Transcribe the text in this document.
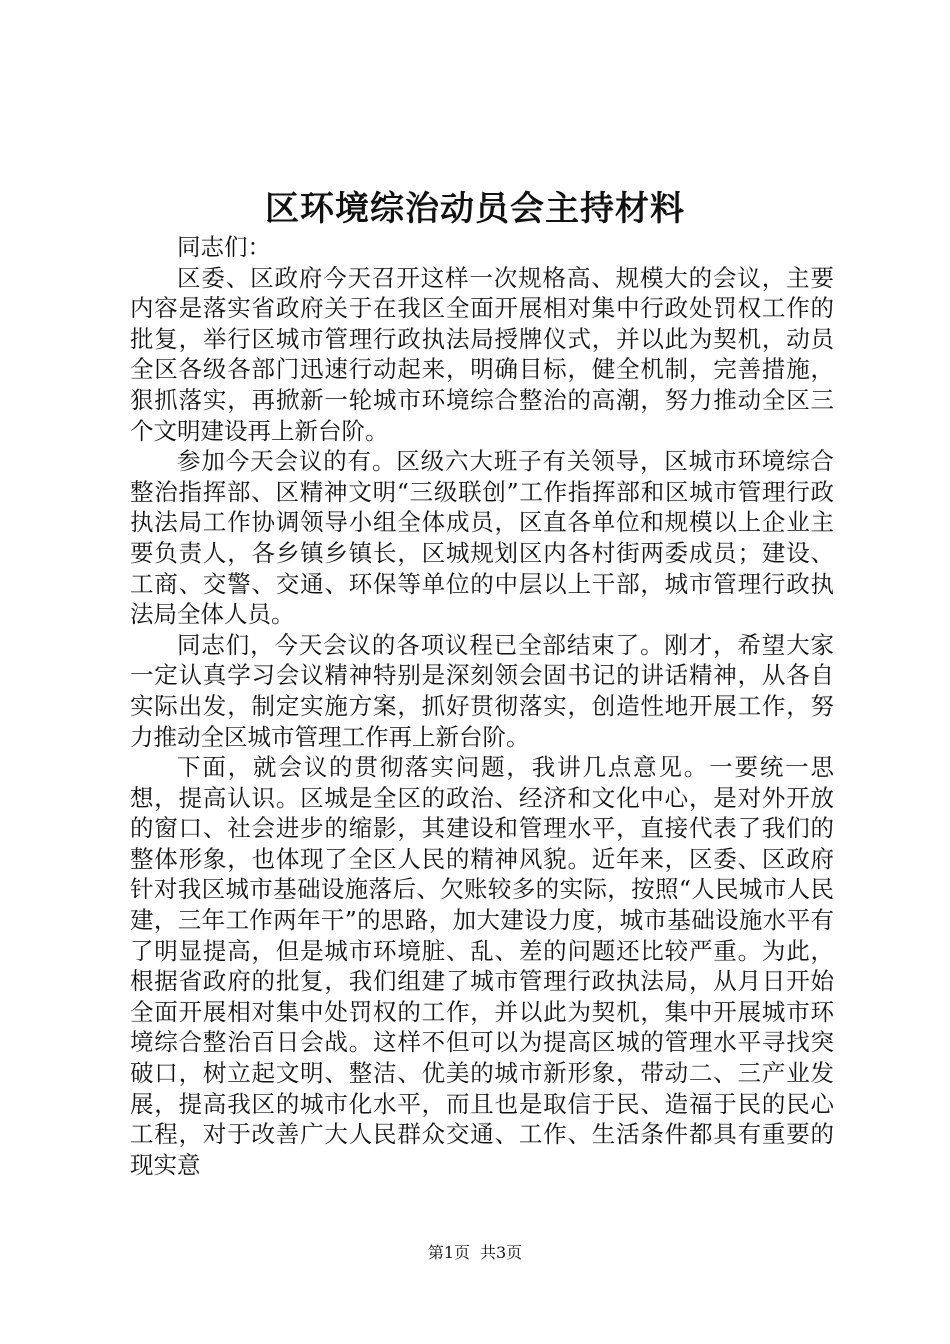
区环境综治动员会主持材料

同志们：

区委、区政府今天召开这样一次规格高、规模大的会议，主要内容是落实省政府关于在我区全面开展相对集中行政处罚权工作的批复，举行区城市管理行政执法局授牌仪式，并以此为契机，动员全区各级各部门迅速行动起来，明确目标，健全机制，完善措施，狠抓落实，再掀新一轮城市环境综合整治的高潮，努力推动全区三个文明建设再上新台阶。

参加今天会议的有。区级六大班子有关领导，区城市环境综合整治指挥部、区精神文明“三级联创”工作指挥部和区城市管理行政执法局工作协调领导小组全体成员，区直各单位和规模以上企业主要负责人，各乡镇乡镇长，区城规划区内各村街两委成员；建设、工商、交警、交通、环保等单位的中层以上干部，城市管理行政执法局全体人员。

同志们，今天会议的各项议程已全部结束了。刚才，希望大家一定认真学习会议精神特别是深刻领会固书记的讲话精神，从各自实际出发，制定实施方案，抓好贯彻落实，创造性地开展工作，努力推动全区城市管理工作再上新台阶。

下面，就会议的贯彻落实问题，我讲几点意见。一要统一思想，提高认识。区城是全区的政治、经济和文化中心，是对外开放的窗口、社会进步的缩影，其建设和管理水平，直接代表了我们的整体形象，也体现了全区人民的精神风貌。近年来，区委、区政府针对我区城市基础设施落后、欠账较多的实际，按照“人民城市人民建，三年工作两年干”的思路，加大建设力度，城市基础设施水平有了明显提高，但是城市环境脏、乱、差的问题还比较严重。为此，根据省政府的批复，我们组建了城市管理行政执法局，从月日开始全面开展相对集中处罚权的工作，并以此为契机，集中开展城市环境综合整治百日会战。这样不但可以为提高区城的管理水平寻找突破口，树立起文明、整洁、优美的城市新形象，带动二、三产业发展，提高我区的城市化水平，而且也是取信于民、造福于民的民心工程，对于改善广大人民群众交通、工作、生活条件都具有重要的现实意

第1页 共3页
